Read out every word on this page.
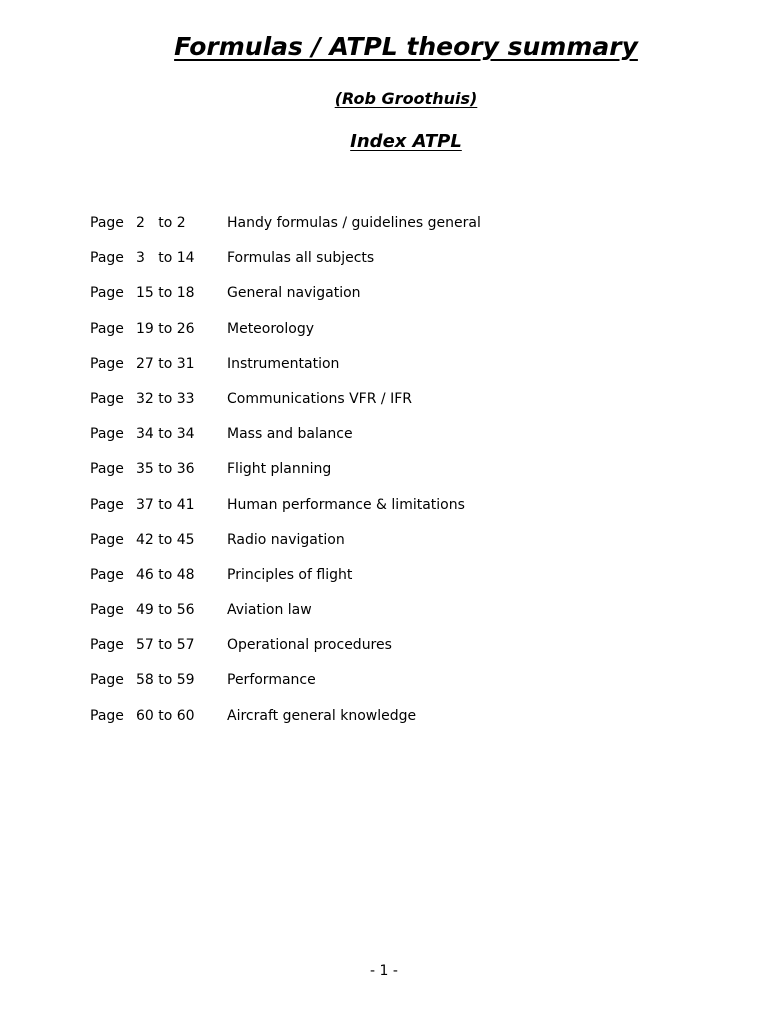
Formulas / ATPL theory summary

(Rob Groothuis)

Index ATPL

Page 2   to 2	Handy formulas / guidelines general
Page 3   to 14 Formulas all subjects
Page 15 to 18 General navigation
Page 19 to 26 Meteorology
Page 27 to 31 Instrumentation
Page 32 to 33 Communications VFR / IFR
Page 34 to 34 Mass and balance
Page 35 to 36 Flight planning
Page 37 to 41 Human performance & limitations
Page 42 to 45 Radio navigation
Page 46 to 48 Principles of flight
Page 49 to 56 Aviation law
Page 57 to 57 Operational procedures
Page 58 to 59 Performance
Page 60 to 60 Aircraft general knowledge

- 1 -
